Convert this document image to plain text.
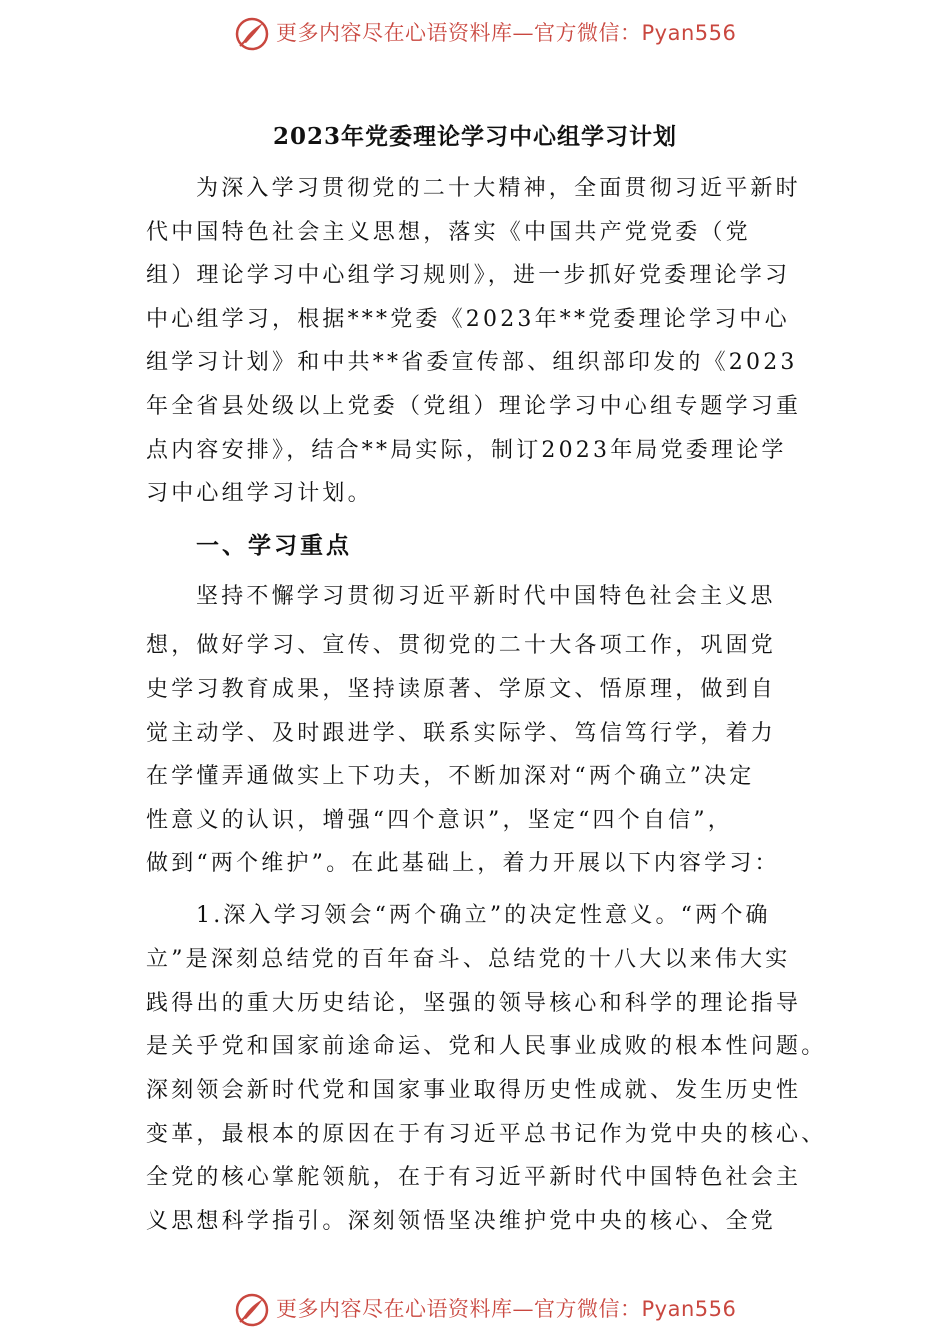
更多内容尽在心语资料库—官方微信：Pyan556
2023年党委理论学习中心组学习计划
为深入学习贯彻党的二十大精神，全面贯彻习近平新时
代中国特色社会主义思想，落实《中国共产党党委（党
组）理论学习中心组学习规则》，进一步抓好党委理论学习
中心组学习，根据***党委《2023年**党委理论学习中心
组学习计划》和中共**省委宣传部、组织部印发的《2023
年全省县处级以上党委（党组）理论学习中心组专题学习重
点内容安排》，结合**局实际，制订2023年局党委理论学
习中心组学习计划。
一、学习重点
坚持不懈学习贯彻习近平新时代中国特色社会主义思
想，做好学习、宣传、贯彻党的二十大各项工作，巩固党
史学习教育成果，坚持读原著、学原文、悟原理，做到自
觉主动学、及时跟进学、联系实际学、笃信笃行学，着力
在学懂弄通做实上下功夫，不断加深对“两个确立”决定
性意义的认识，增强“四个意识”，坚定“四个自信”，
做到“两个维护”。在此基础上，着力开展以下内容学习：
1.深入学习领会“两个确立”的决定性意义。“两个确
立”是深刻总结党的百年奋斗、总结党的十八大以来伟大实
践得出的重大历史结论，坚强的领导核心和科学的理论指导
是关乎党和国家前途命运、党和人民事业成败的根本性问题。
深刻领会新时代党和国家事业取得历史性成就、发生历史性
变革，最根本的原因在于有习近平总书记作为党中央的核心、
全党的核心掌舵领航，在于有习近平新时代中国特色社会主
义思想科学指引。深刻领悟坚决维护党中央的核心、全党
更多内容尽在心语资料库—官方微信：Pyan556
